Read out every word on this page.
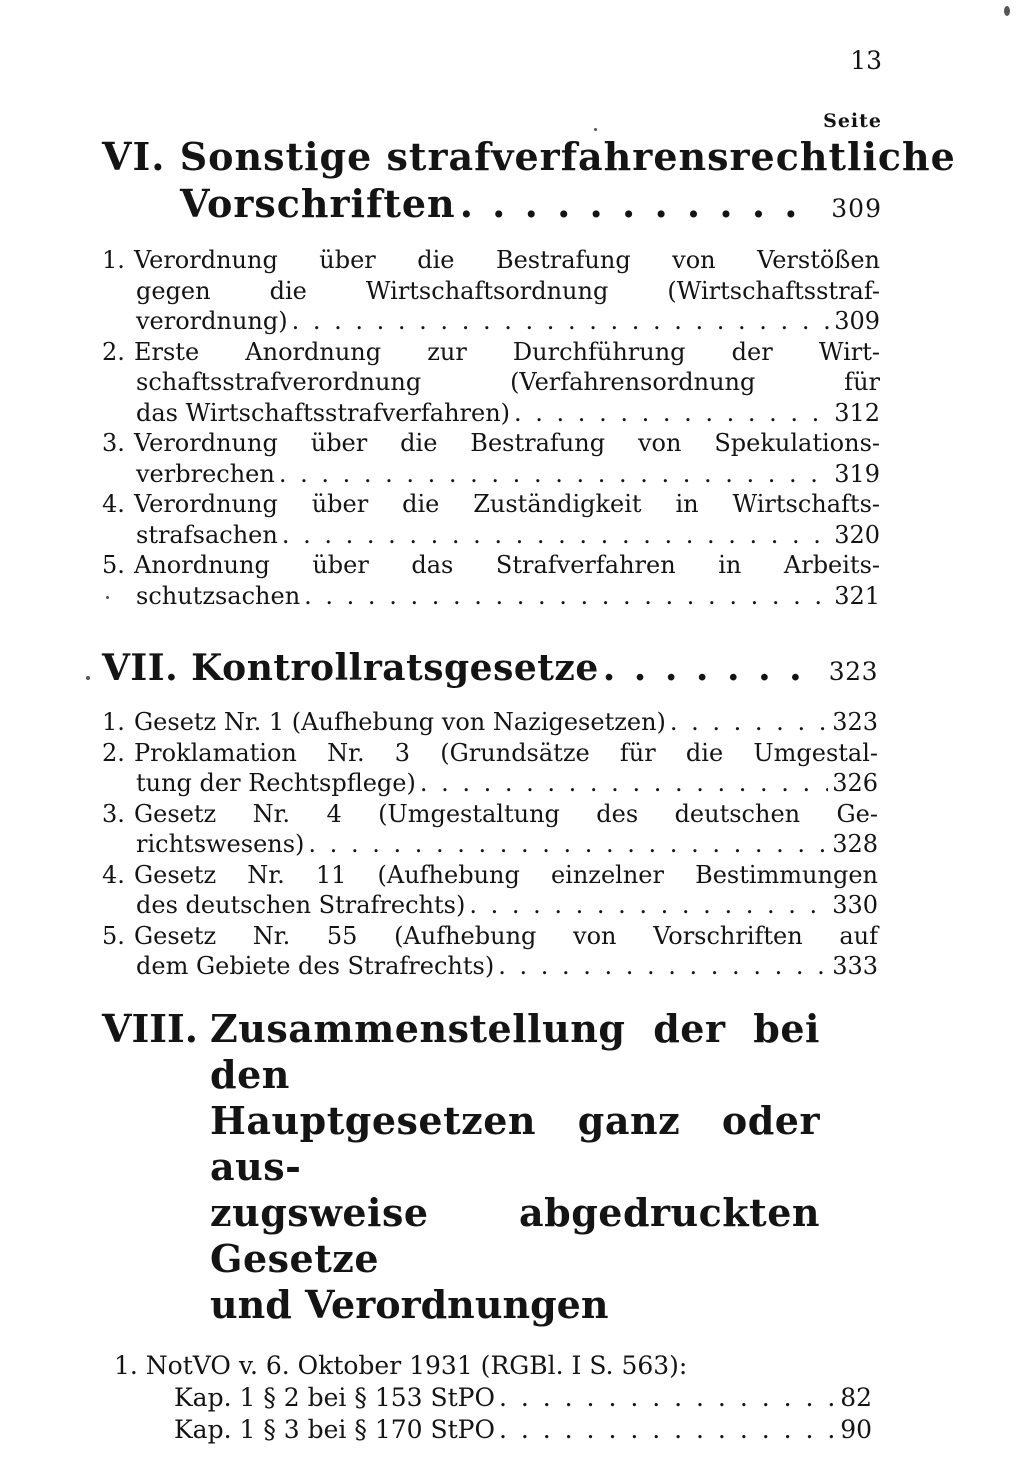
13
Seite
VI. Sonstige strafverfahrensrechtliche
Vorschriften . . .	309
1. Verordnung über die Bestrafung von Verstößen
gegen die Wirtschaftsordnung (Wirtschaftsstraf-
verordnung) . . .	309
2. Erste Anordnung zur Durchführung der Wirt-
schaftsstrafverordnung (Verfahrensordnung für
das Wirtschaftsstrafverfahren) . . .	312
3. Verordnung über die Bestrafung von Spekulations-
verbrechen . . .	319
4. Verordnung über die Zuständigkeit in Wirtschafts-
strafsachen . . .	320
5. Anordnung über das Strafverfahren in Arbeits-
schutzsachen . . .	321
VII. Kontrollratsgesetze . . .	323
1. Gesetz Nr. 1 (Aufhebung von Nazigesetzen) . . .	323
2. Proklamation Nr. 3 (Grundsätze für die Umgestal-
tung der Rechtspflege) . . .	326
3. Gesetz Nr. 4 (Umgestaltung des deutschen Ge-
richtswesens) . . .	328
4. Gesetz Nr. 11 (Aufhebung einzelner Bestimmungen
des deutschen Strafrechts) . . .	330
5. Gesetz Nr. 55 (Aufhebung von Vorschriften auf
dem Gebiete des Strafrechts) . . .	333
VIII. Zusammenstellung der bei den
Hauptgesetzen ganz oder aus-
zugsweise abgedruckten Gesetze
und Verordnungen
1. NotVO v. 6. Oktober 1931 (RGBl. I S. 563):
Kap. 1 § 2 bei § 153 StPO . . .	82
Kap. 1 § 3 bei § 170 StPO . . .	90
